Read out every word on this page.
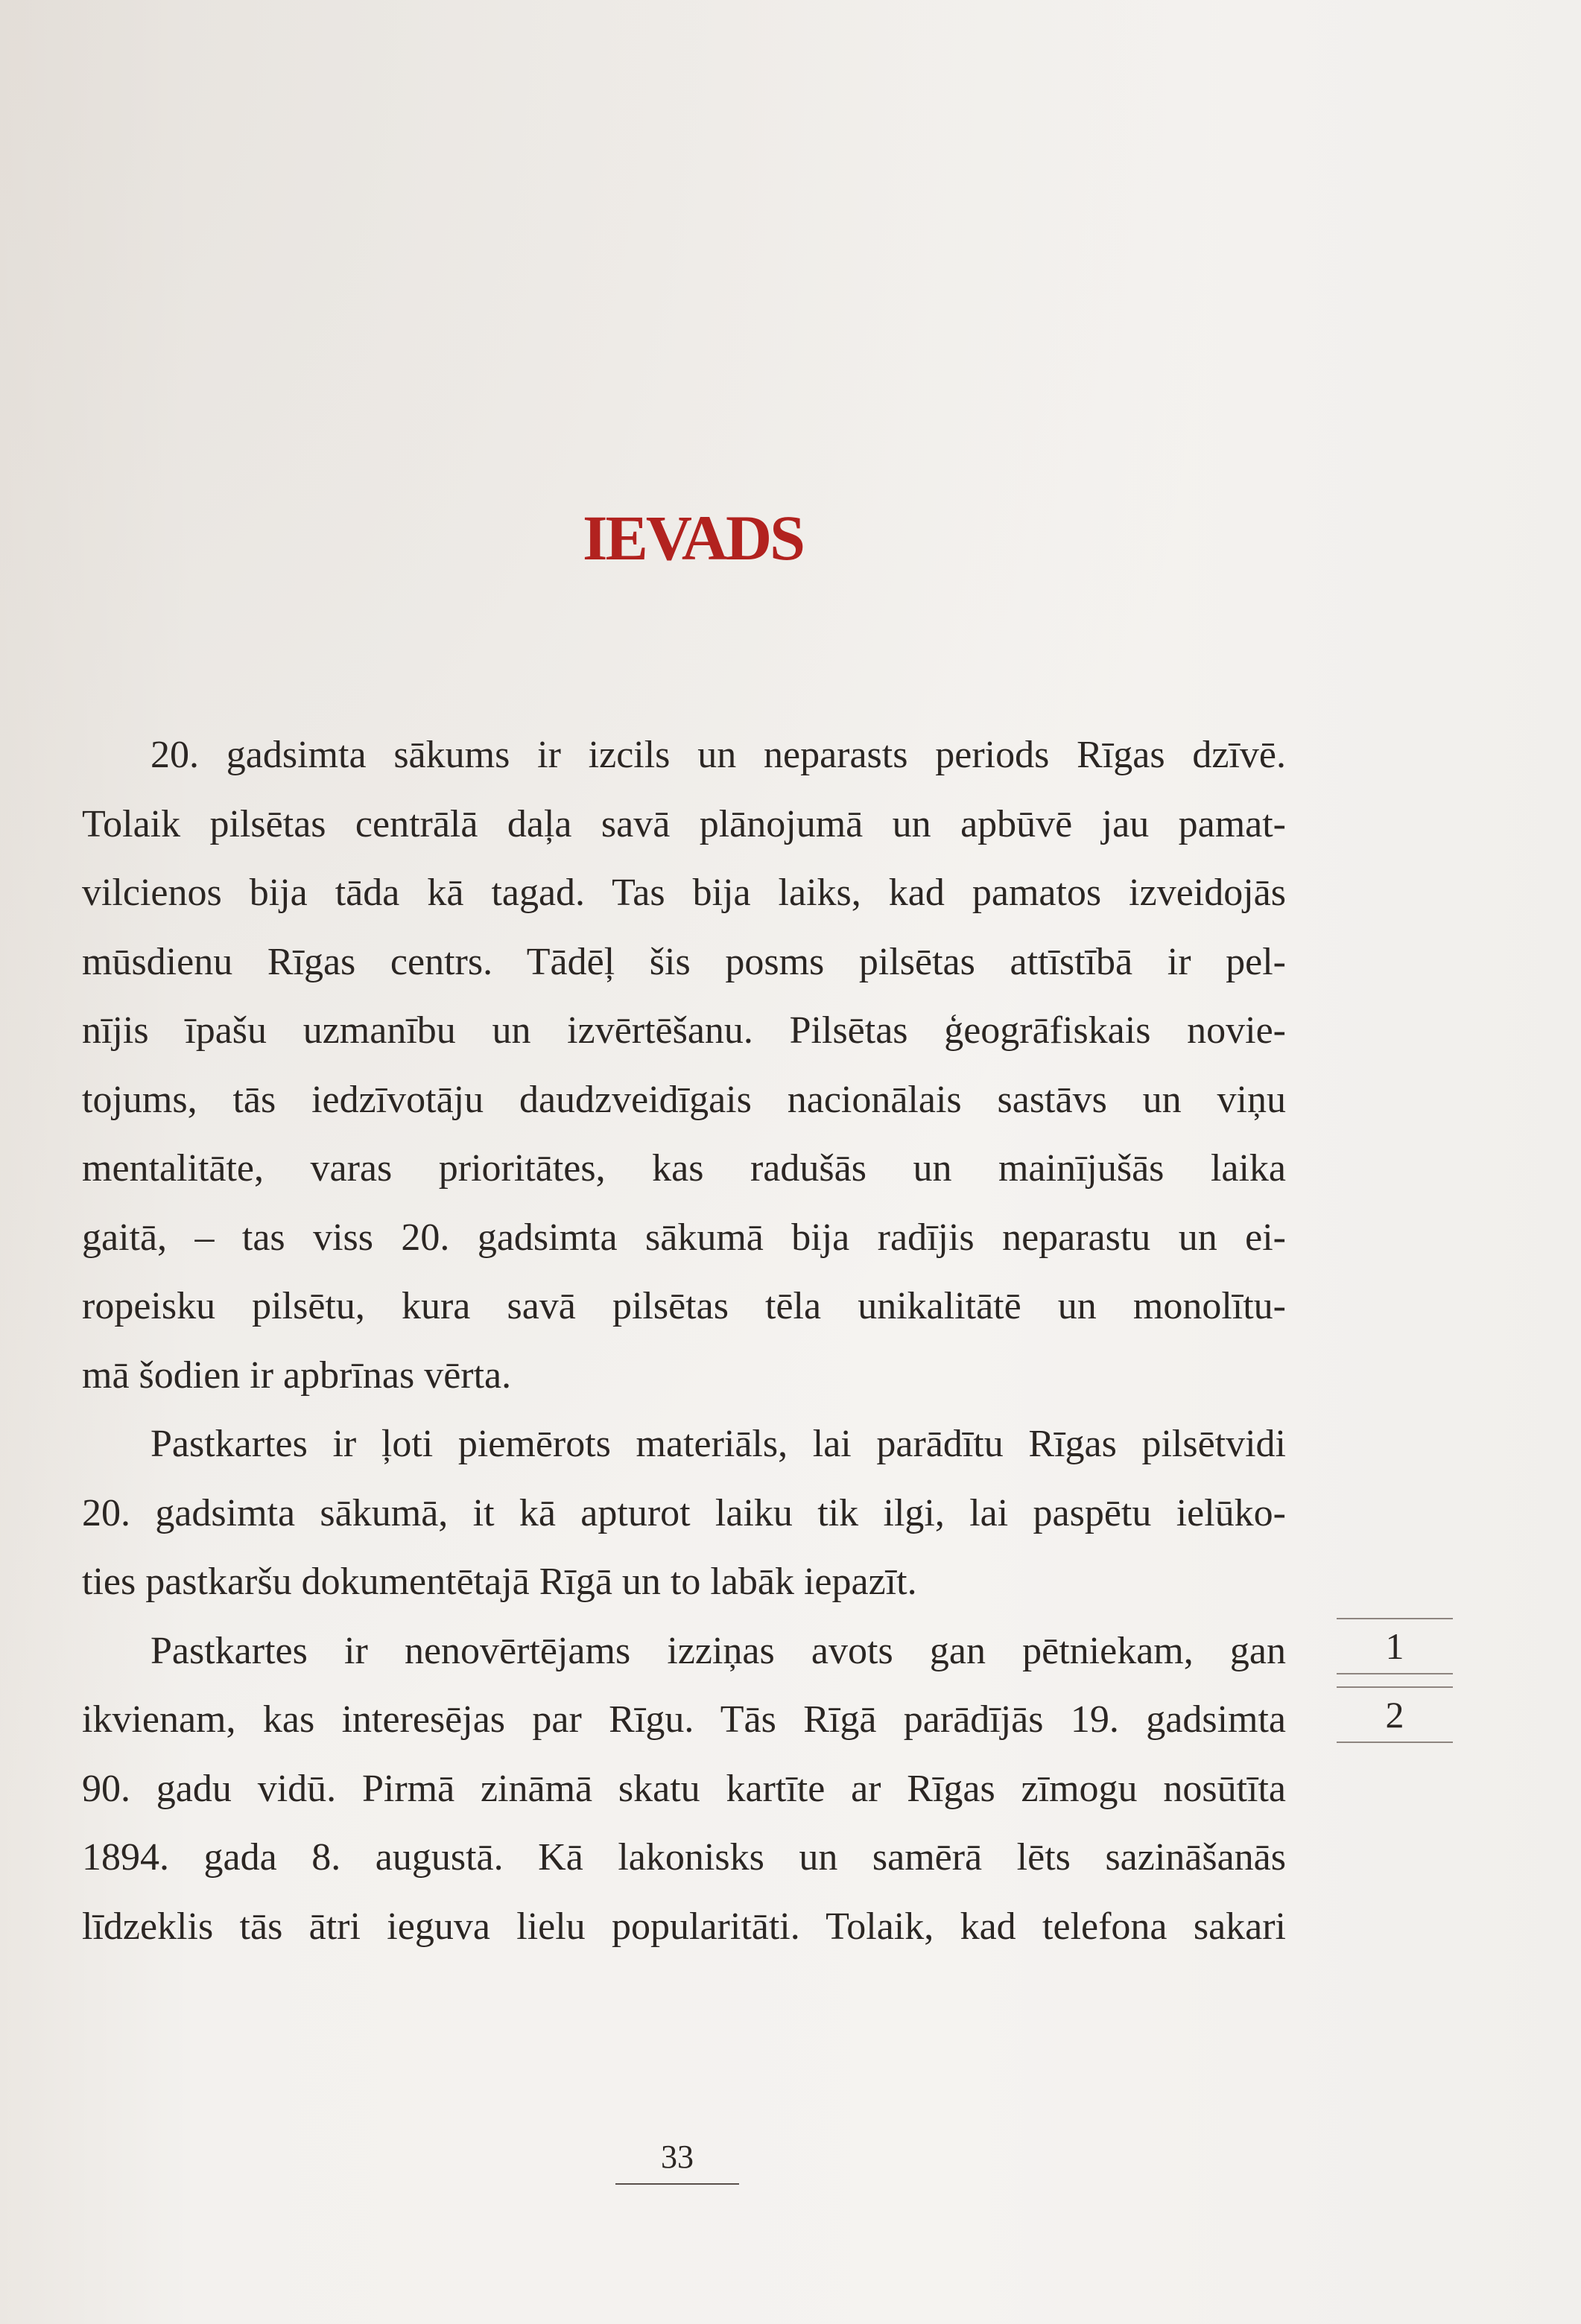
IEVADS

20. gadsimta sākums ir izcils un neparasts periods Rīgas dzīvē.
Tolaik pilsētas centrālā daļa savā plānojumā un apbūvē jau pamat-
vilcienos bija tāda kā tagad. Tas bija laiks, kad pamatos izveidojās
mūsdienu Rīgas centrs. Tādēļ šis posms pilsētas attīstībā ir pel-
nījis īpašu uzmanību un izvērtēšanu. Pilsētas ģeogrāfiskais novie-
tojums, tās iedzīvotāju daudzveidīgais nacionālais sastāvs un viņu
mentalitāte, varas prioritātes, kas radušās un mainījušās laika
gaitā, – tas viss 20. gadsimta sākumā bija radījis neparastu un ei-
ropeisku pilsētu, kura savā pilsētas tēla unikalitātē un monolītu-
mā šodien ir apbrīnas vērta.

Pastkartes ir ļoti piemērots materiāls, lai parādītu Rīgas pilsētvidi
20. gadsimta sākumā, it kā apturot laiku tik ilgi, lai paspētu ielūko-
ties pastkaršu dokumentētajā Rīgā un to labāk iepazīt.

Pastkartes ir nenovērtējams izziņas avots gan pētniekam, gan
ikvienam, kas interesējas par Rīgu. Tās Rīgā parādījās 19. gadsimta
90. gadu vidū. Pirmā zināmā skatu kartīte ar Rīgas zīmogu nosūtīta
1894. gada 8. augustā. Kā lakonisks un samērā lēts sazināšanās
līdzeklis tās ātri ieguva lielu popularitāti. Tolaik, kad telefona sakari

1
2
33
